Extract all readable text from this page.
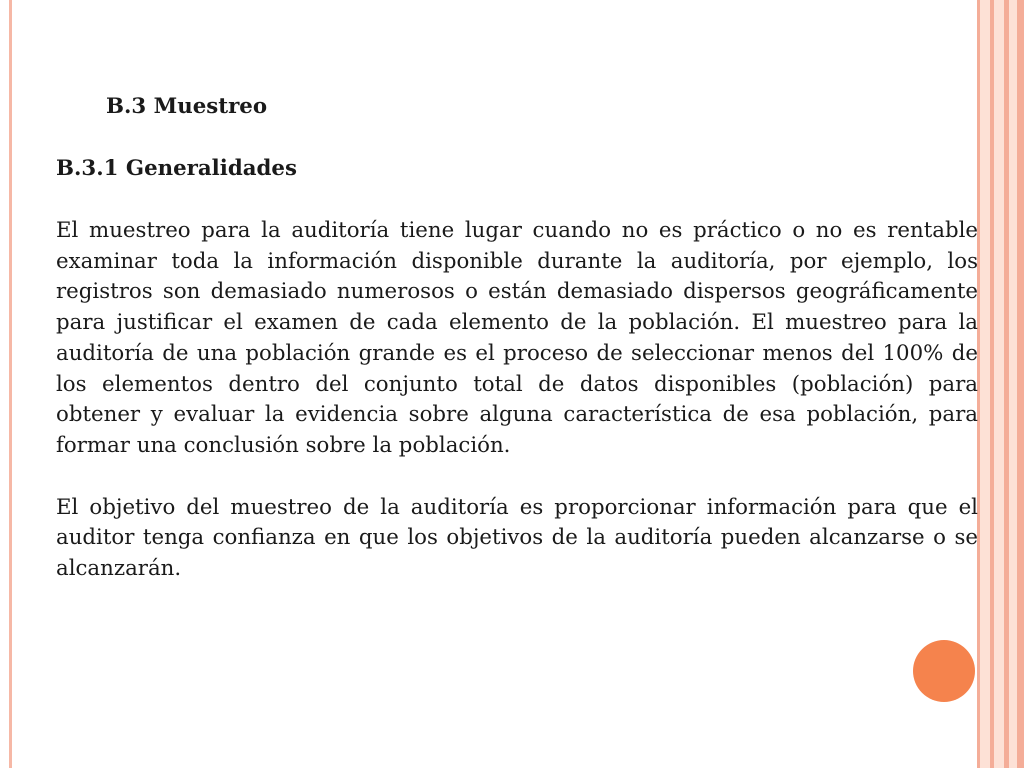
B.3 Muestreo
B.3.1 Generalidades
El muestreo para la auditoría tiene lugar cuando no es práctico o no es rentable examinar toda la información disponible durante la auditoría, por ejemplo, los registros son demasiado numerosos o están demasiado dispersos geográficamente para justificar el examen de cada elemento de la población. El muestreo para la auditoría de una población grande es el proceso de seleccionar menos del 100% de los elementos dentro del conjunto total de datos disponibles (población) para obtener y evaluar la evidencia sobre alguna característica de esa población, para formar una conclusión sobre la población.
El objetivo del muestreo de la auditoría es proporcionar información para que el auditor tenga confianza en que los objetivos de la auditoría pueden alcanzarse o se alcanzarán.
